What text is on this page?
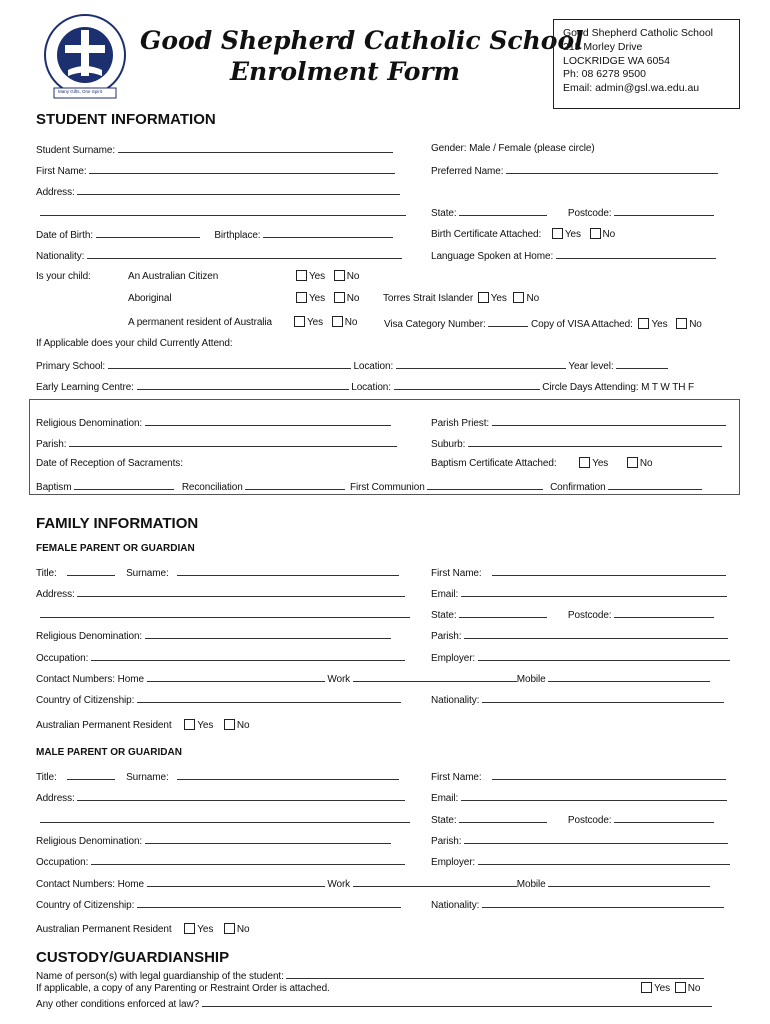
Many Gifts, One Spirit
Good Shepherd Catholic School
Enrolment Form
Good Shepherd Catholic School
215 Morley Drive
LOCKRIDGE WA 6054
Ph: 08 6278 9500
Email: admin@gsl.wa.edu.au
STUDENT INFORMATION
Student Surname:	Gender: Male / Female (please circle)
First Name:	Preferred Name:
Address:
State:	Postcode:
Date of Birth:	Birthplace:	Birth Certificate Attached: Yes No
Nationality:	Language Spoken at Home:
Is your child:	An Australian Citizen	Yes No
Aboriginal	Yes No Torres Strait Islander Yes No
A permanent resident of Australia	Yes No	Visa Category Number:	Copy of VISA Attached: Yes No
If Applicable does your child Currently Attend:
Primary School:	Location:	Year level:
Early Learning Centre:	Location:	Circle Days Attending: M T W TH F
Religious Denomination:	Parish Priest:
Parish:	Suburb:
Date of Reception of Sacraments:	Baptism Certificate Attached:	Yes	No
Baptism	Reconciliation	First Communion	Confirmation
FAMILY INFORMATION
FEMALE PARENT OR GUARDIAN
Title:	Surname:	First Name:
Address:	Email:
State:	Postcode:
Religious Denomination:	Parish:
Occupation:	Employer:
Contact Numbers: Home	Work	Mobile
Country of Citizenship:	Nationality:
Australian Permanent Resident	Yes No
MALE PARENT OR GUARIDAN
Title:	Surname:	First Name:
Address:	Email:
State:	Postcode:
Religious Denomination:	Parish:
Occupation:	Employer:
Contact Numbers: Home	Work	Mobile
Country of Citizenship:	Nationality:
Australian Permanent Resident	Yes No
CUSTODY/GUARDIANSHIP
Name of person(s) with legal guardianship of the student:
If applicable, a copy of any Parenting or Restraint Order is attached.	Yes No
Any other conditions enforced at law?
